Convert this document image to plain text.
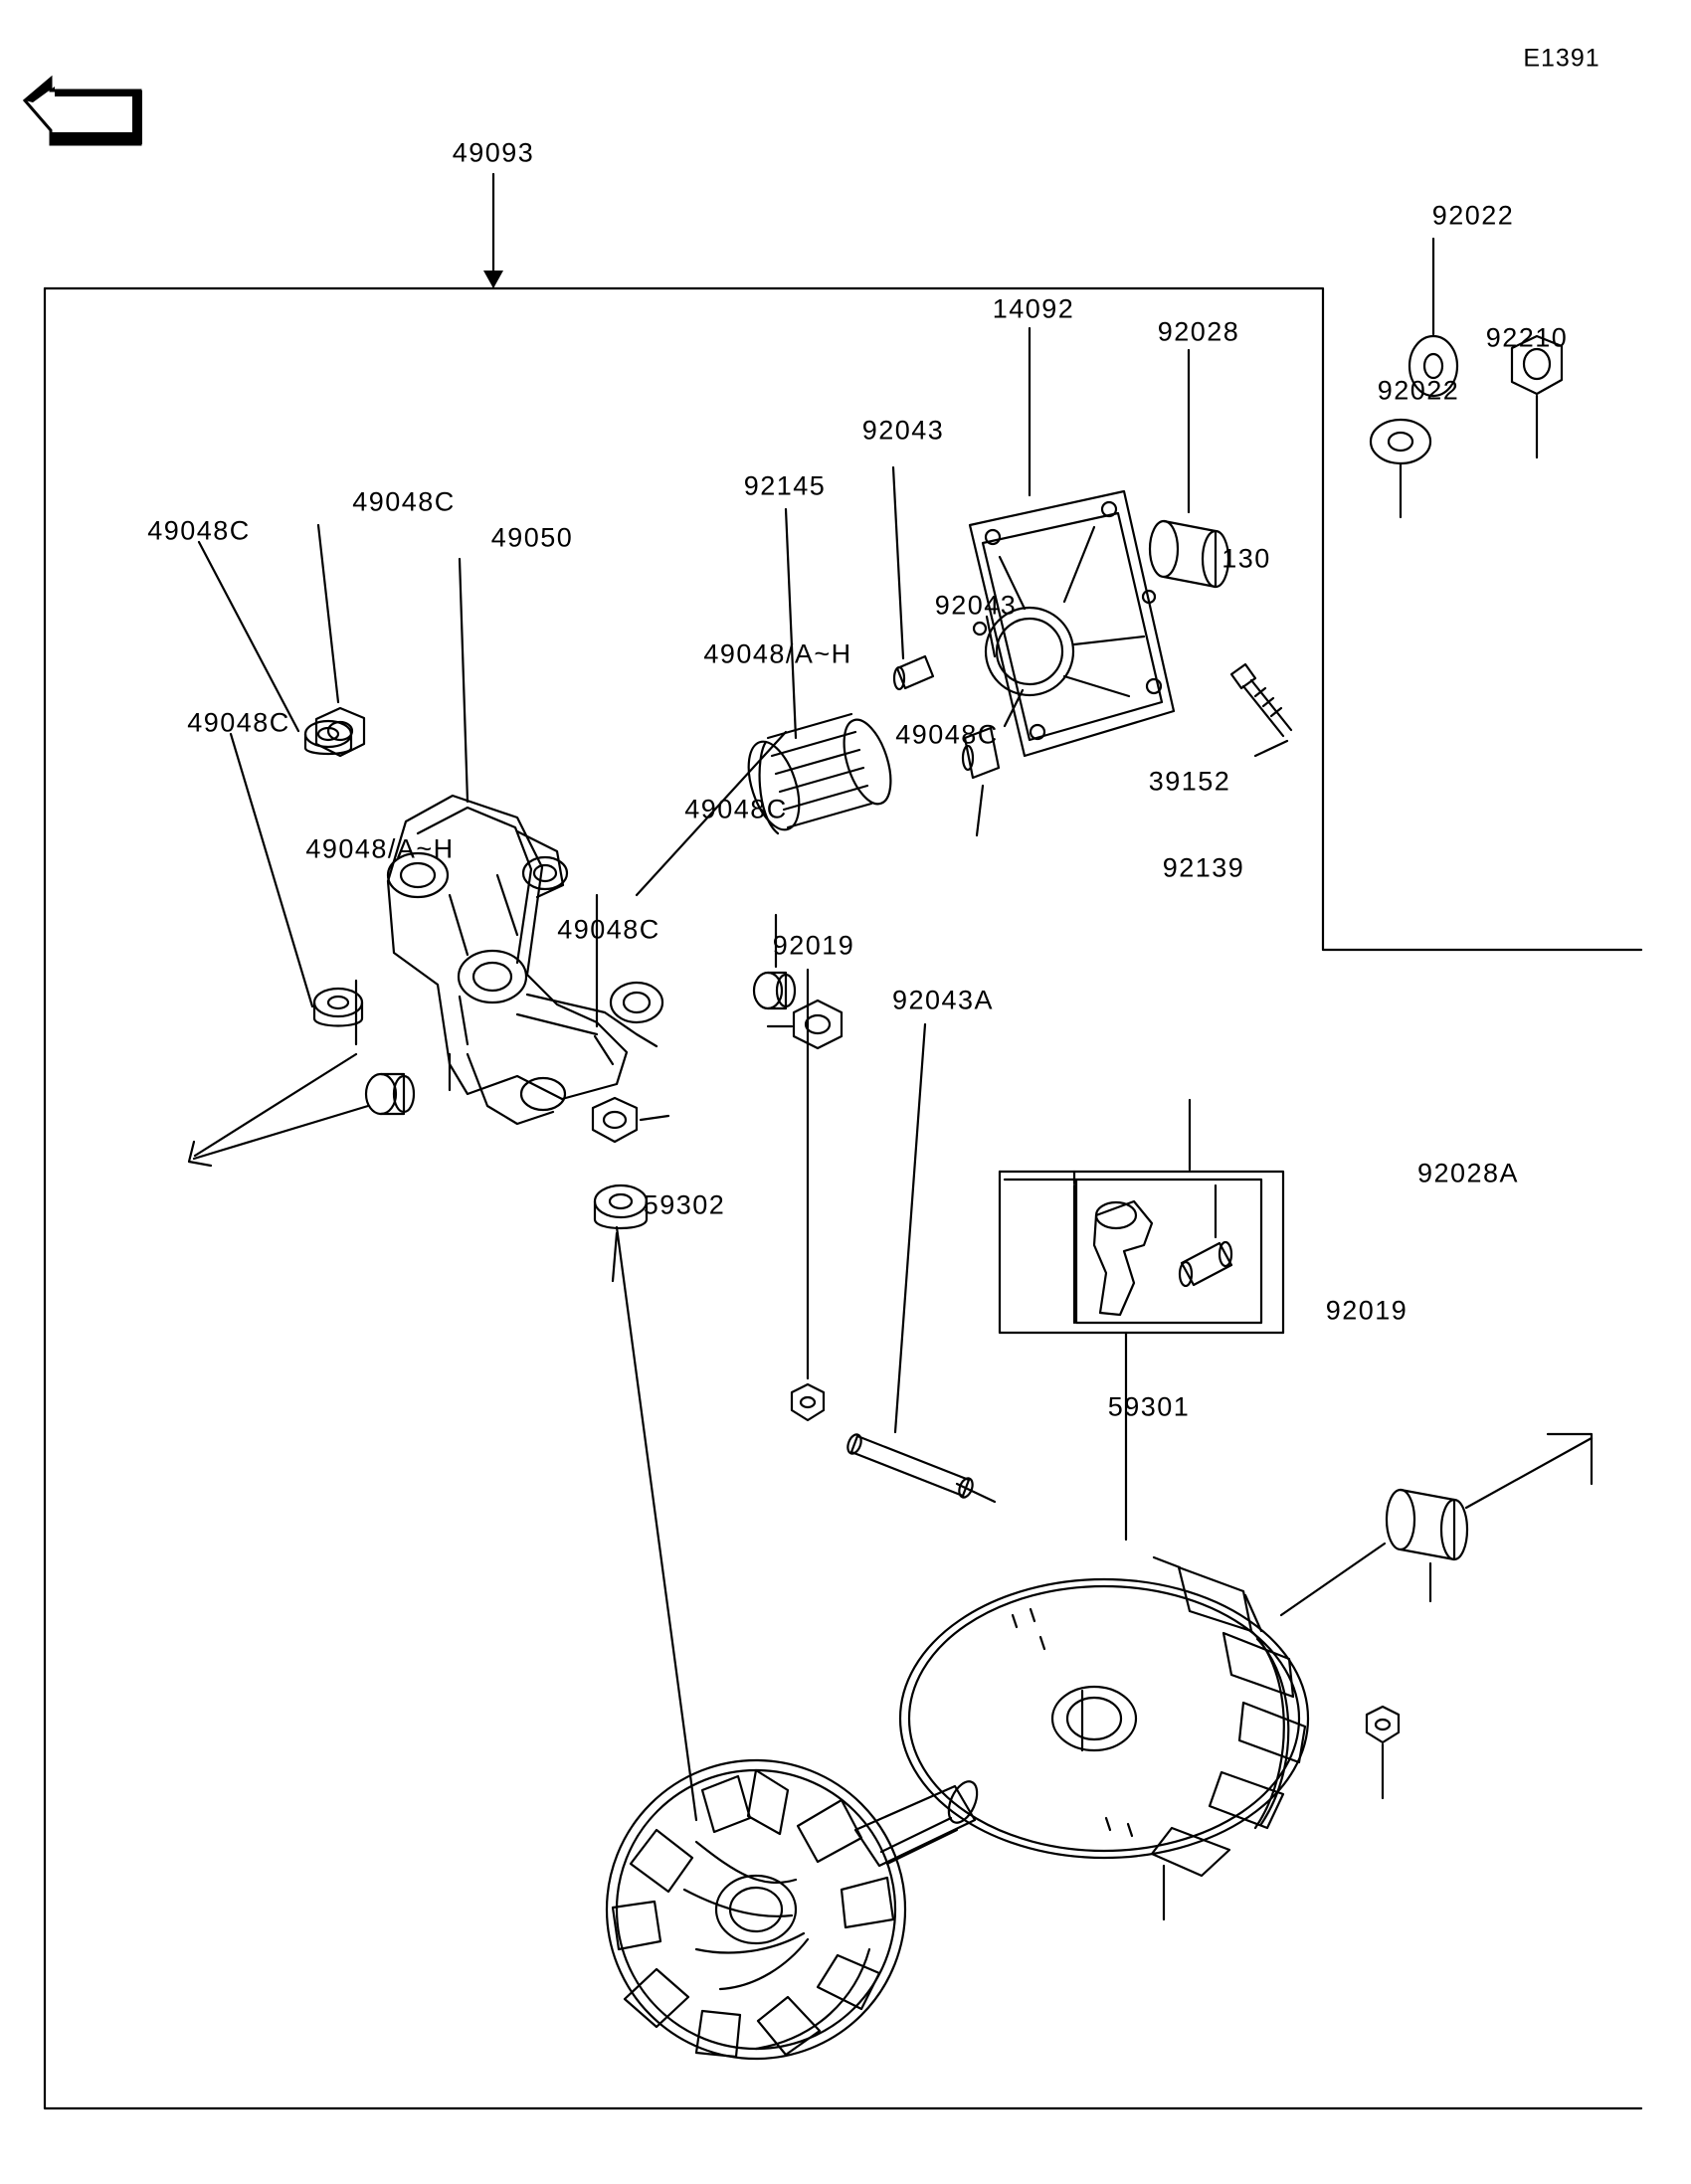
E1391
49093
92022
92210
14092
92028
92022
92043
130
92043
92145
49048C
49048C	49050
49048/A~H
49048C	49048C
49048C
49048/A~H
49048C
39152
92139
92019
92043A
92028A
92019
59302
59301
